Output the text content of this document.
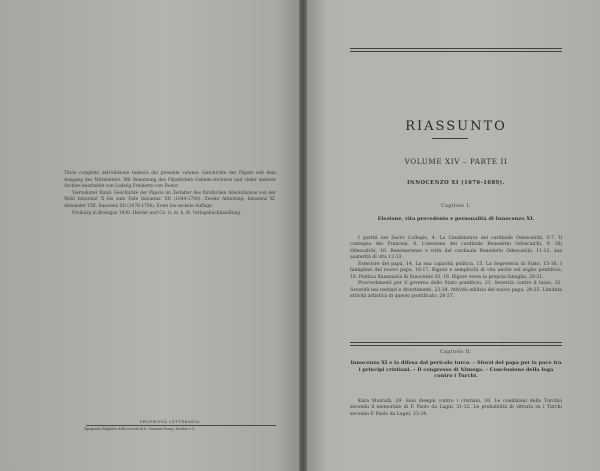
Titolo completo dell'edizione tedesca del presente volume: Geschichte der Päpste seit dem Ausgang des Mittelalters. Mit Benutzung des Päpstlichen Geheim-Archives und vieler anderer Archive bearbeitet von Ludwig Freiherrn von Pastor.

Vierzehnter Band: Geschichte der Päpste im Zeitalter des fürstlichen Absolutismus von der Wahl Innozenz' X bis zum Tode Innozenz' XII (1644-1700). Zweite Abteilung: Innozenz XI, Alexander VIII, Innozenz XII (1676-1700). Erste bis sechste Auflage.

Freiburg in Breisgau 1930. Herder und Co. G. m. b. H. Verlagsbuchhandlung.

PROPRIETÀ LETTERARIA
Tipografia Poliglotta della Società di S. Giovanni Evang. Desclée e C.
RIASSUNTO
VOLUME XIV – PARTE II
INNOCENZO XI (1676-1689).
Capitolo I.
Elezione, vita precedente e personalità di Innocenzo XI.

I partiti nel Sacro Collegio, 4. La Candidatura del cardinale Odescalchi, 5-7. Il contegno dei Francesi, 8. L'elezione del cardinale Benedetto Odescalchi, 9. Gli Odescalchi, 10. Benemerenze e virtù del cardinale Benedetto Odescalchi, 11-12; sua austerità di vita 12-13.

Esteriore del papa, 14. La sua capacità politica, 15. La Segreteria di Stato, 15-16. I famigliari del nuovo papa, 16-17. Rigore e semplicità di vita anche sul soglio pontificio, 18. Politica finanziaria di Innocenzo XI, 19. Rigore verso la propria famiglia, 20-21.

Provvedimenti per il governo dello Stato pontificio, 21. Severità contro il lusso, 22. Severità nei vestiari e divertimenti, 23-24. Attività edilizia del nuovo papa, 24-25. Limitata attività artistica di questo pontificato, 26-27.

Capitolo II.
Innocenzo XI e la difesa dal pericolo turco. – Sforzi del papa per la pace tra i principi cristiani. – Il congresso di Nimega. – Conclusione della lega contro i Turchi.

Kara Mustafà, 29. Suoi disegni contro i cristiani, 30. Le condizioni della Turchia secondo il memoriale di P. Paolo da Lagni, 31-32. Le probabilità di vittoria su i Turchi secondo P. Paolo da Lagni, 33-34.
